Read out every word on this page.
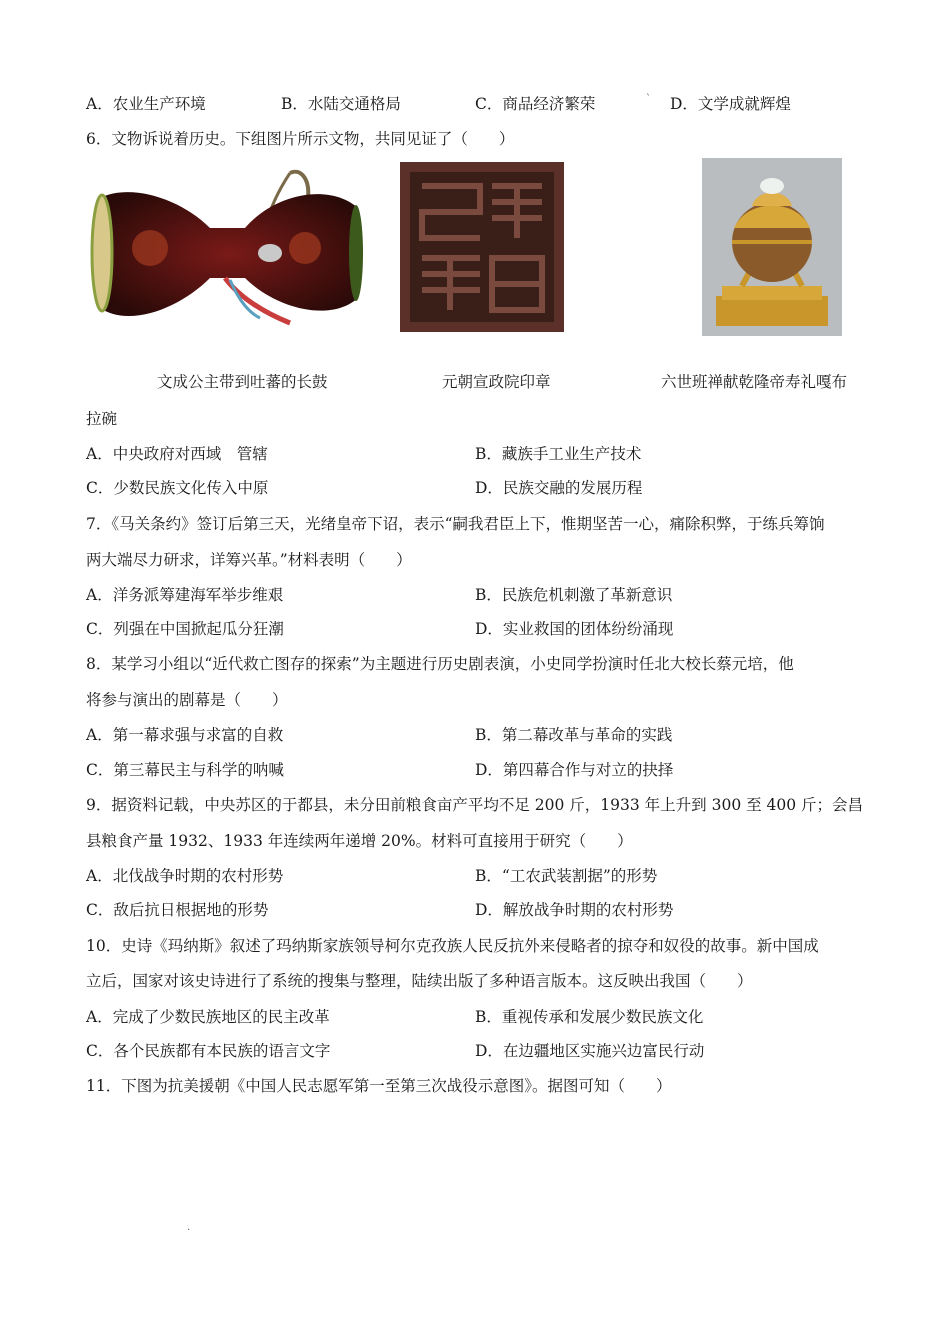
A．农业生产环境	B．水陆交通格局	C．商品经济繁荣	` D．文学成就辉煌
6．文物诉说着历史。下组图片所示文物，共同见证了（　　）
文成公主带到吐蕃的长鼓	元朝宣政院印章	六世班禅献乾隆帝寿礼嘎布
拉碗
A．中央政府对西域　管辖	B．藏族手工业生产技术
C．少数民族文化传入中原	D．民族交融的发展历程
7．《马关条约》签订后第三天，光绪皇帝下诏，表示“嗣我君臣上下，惟期坚苦一心，痛除积弊，于练兵筹饷
两大端尽力研求，详筹兴革。”材料表明（　　）
A．洋务派筹建海军举步维艰	B．民族危机刺激了革新意识
C．列强在中国掀起瓜分狂潮	D．实业救国的团体纷纷涌现
8．某学习小组以“近代救亡图存的探索”为主题进行历史剧表演，小史同学扮演时任北大校长蔡元培，他
将参与演出的剧幕是（　　）
A．第一幕求强与求富的自救	B．第二幕改革与革命的实践
C．第三幕民主与科学的呐喊	D．第四幕合作与对立的抉择
9．据资料记载，中央苏区的于都县，未分田前粮食亩产平均不足 200 斤，1933 年上升到 300 至 400 斤；会昌
县粮食产量 1932、1933 年连续两年递增 20%。材料可直接用于研究（　　）
A．北伐战争时期的农村形势	B．“工农武装割据”的形势
C．敌后抗日根据地的形势	D．解放战争时期的农村形势
10．史诗《玛纳斯》叙述了玛纳斯家族领导柯尔克孜族人民反抗外来侵略者的掠夺和奴役的故事。新中国成
立后，国家对该史诗进行了系统的搜集与整理，陆续出版了多种语言版本。这反映出我国（　　）
A．完成了少数民族地区的民主改革	B．重视传承和发展少数民族文化
C．各个民族都有本民族的语言文字	D．在边疆地区实施兴边富民行动
11．下图为抗美援朝《中国人民志愿军第一至第三次战役示意图》。据图可知（　　）
.
